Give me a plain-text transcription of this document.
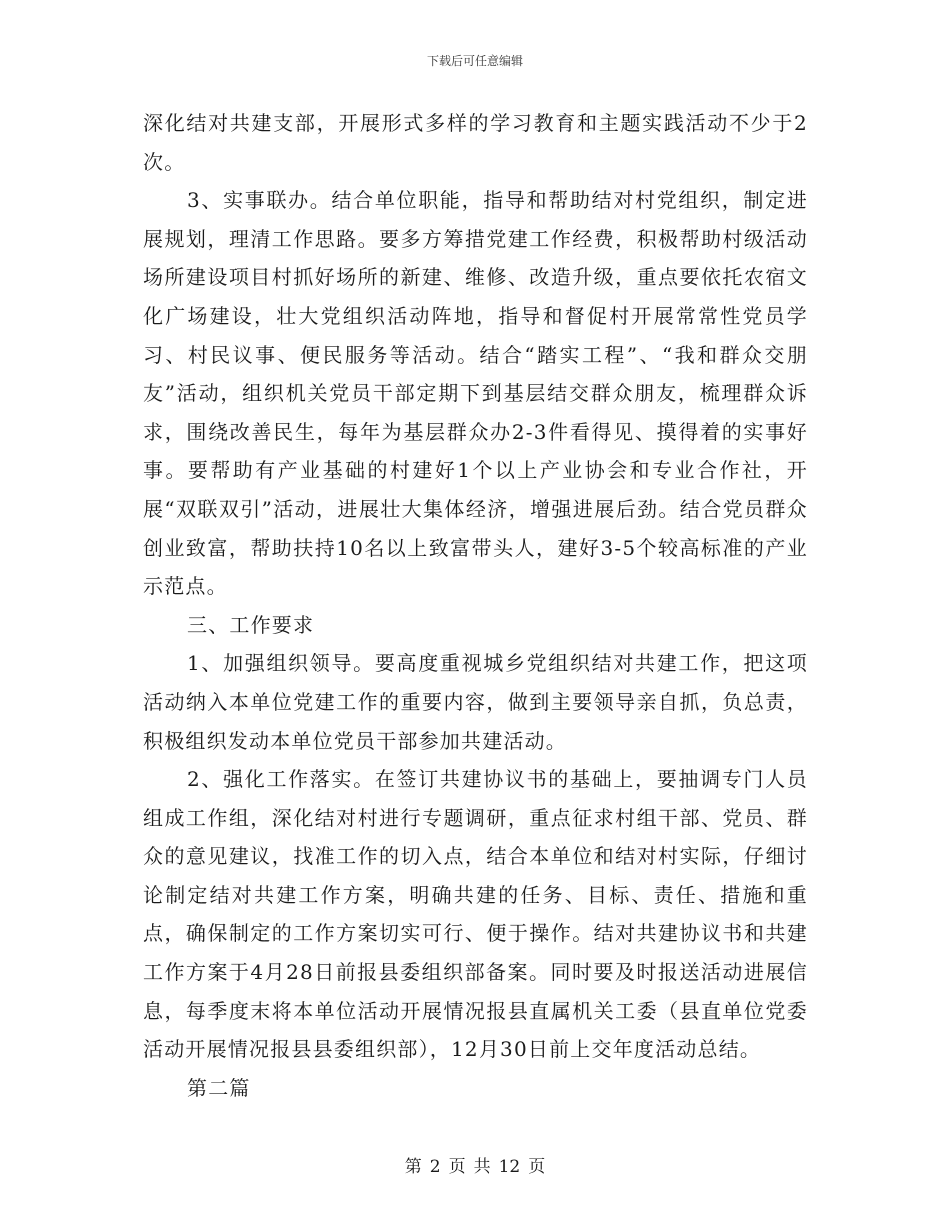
下载后可任意编辑

深化结对共建支部，开展形式多样的学习教育和主题实践活动不少于2次。

3、实事联办。结合单位职能，指导和帮助结对村党组织，制定进展规划，理清工作思路。要多方筹措党建工作经费，积极帮助村级活动场所建设项目村抓好场所的新建、维修、改造升级，重点要依托农宿文化广场建设，壮大党组织活动阵地，指导和督促村开展常常性党员学习、村民议事、便民服务等活动。结合“踏实工程”、“我和群众交朋友”活动，组织机关党员干部定期下到基层结交群众朋友，梳理群众诉求，围绕改善民生，每年为基层群众办2-3件看得见、摸得着的实事好事。要帮助有产业基础的村建好1个以上产业协会和专业合作社，开展“双联双引”活动，进展壮大集体经济，增强进展后劲。结合党员群众创业致富，帮助扶持10名以上致富带头人，建好3-5个较高标准的产业示范点。

三、工作要求

1、加强组织领导。要高度重视城乡党组织结对共建工作，把这项活动纳入本单位党建工作的重要内容，做到主要领导亲自抓，负总责，积极组织发动本单位党员干部参加共建活动。

2、强化工作落实。在签订共建协议书的基础上，要抽调专门人员组成工作组，深化结对村进行专题调研，重点征求村组干部、党员、群众的意见建议，找准工作的切入点，结合本单位和结对村实际，仔细讨论制定结对共建工作方案，明确共建的任务、目标、责任、措施和重点，确保制定的工作方案切实可行、便于操作。结对共建协议书和共建工作方案于4月28日前报县委组织部备案。同时要及时报送活动进展信息，每季度末将本单位活动开展情况报县直属机关工委（县直单位党委活动开展情况报县县委组织部），12月30日前上交年度活动总结。

第二篇

第 2 页 共 12 页
